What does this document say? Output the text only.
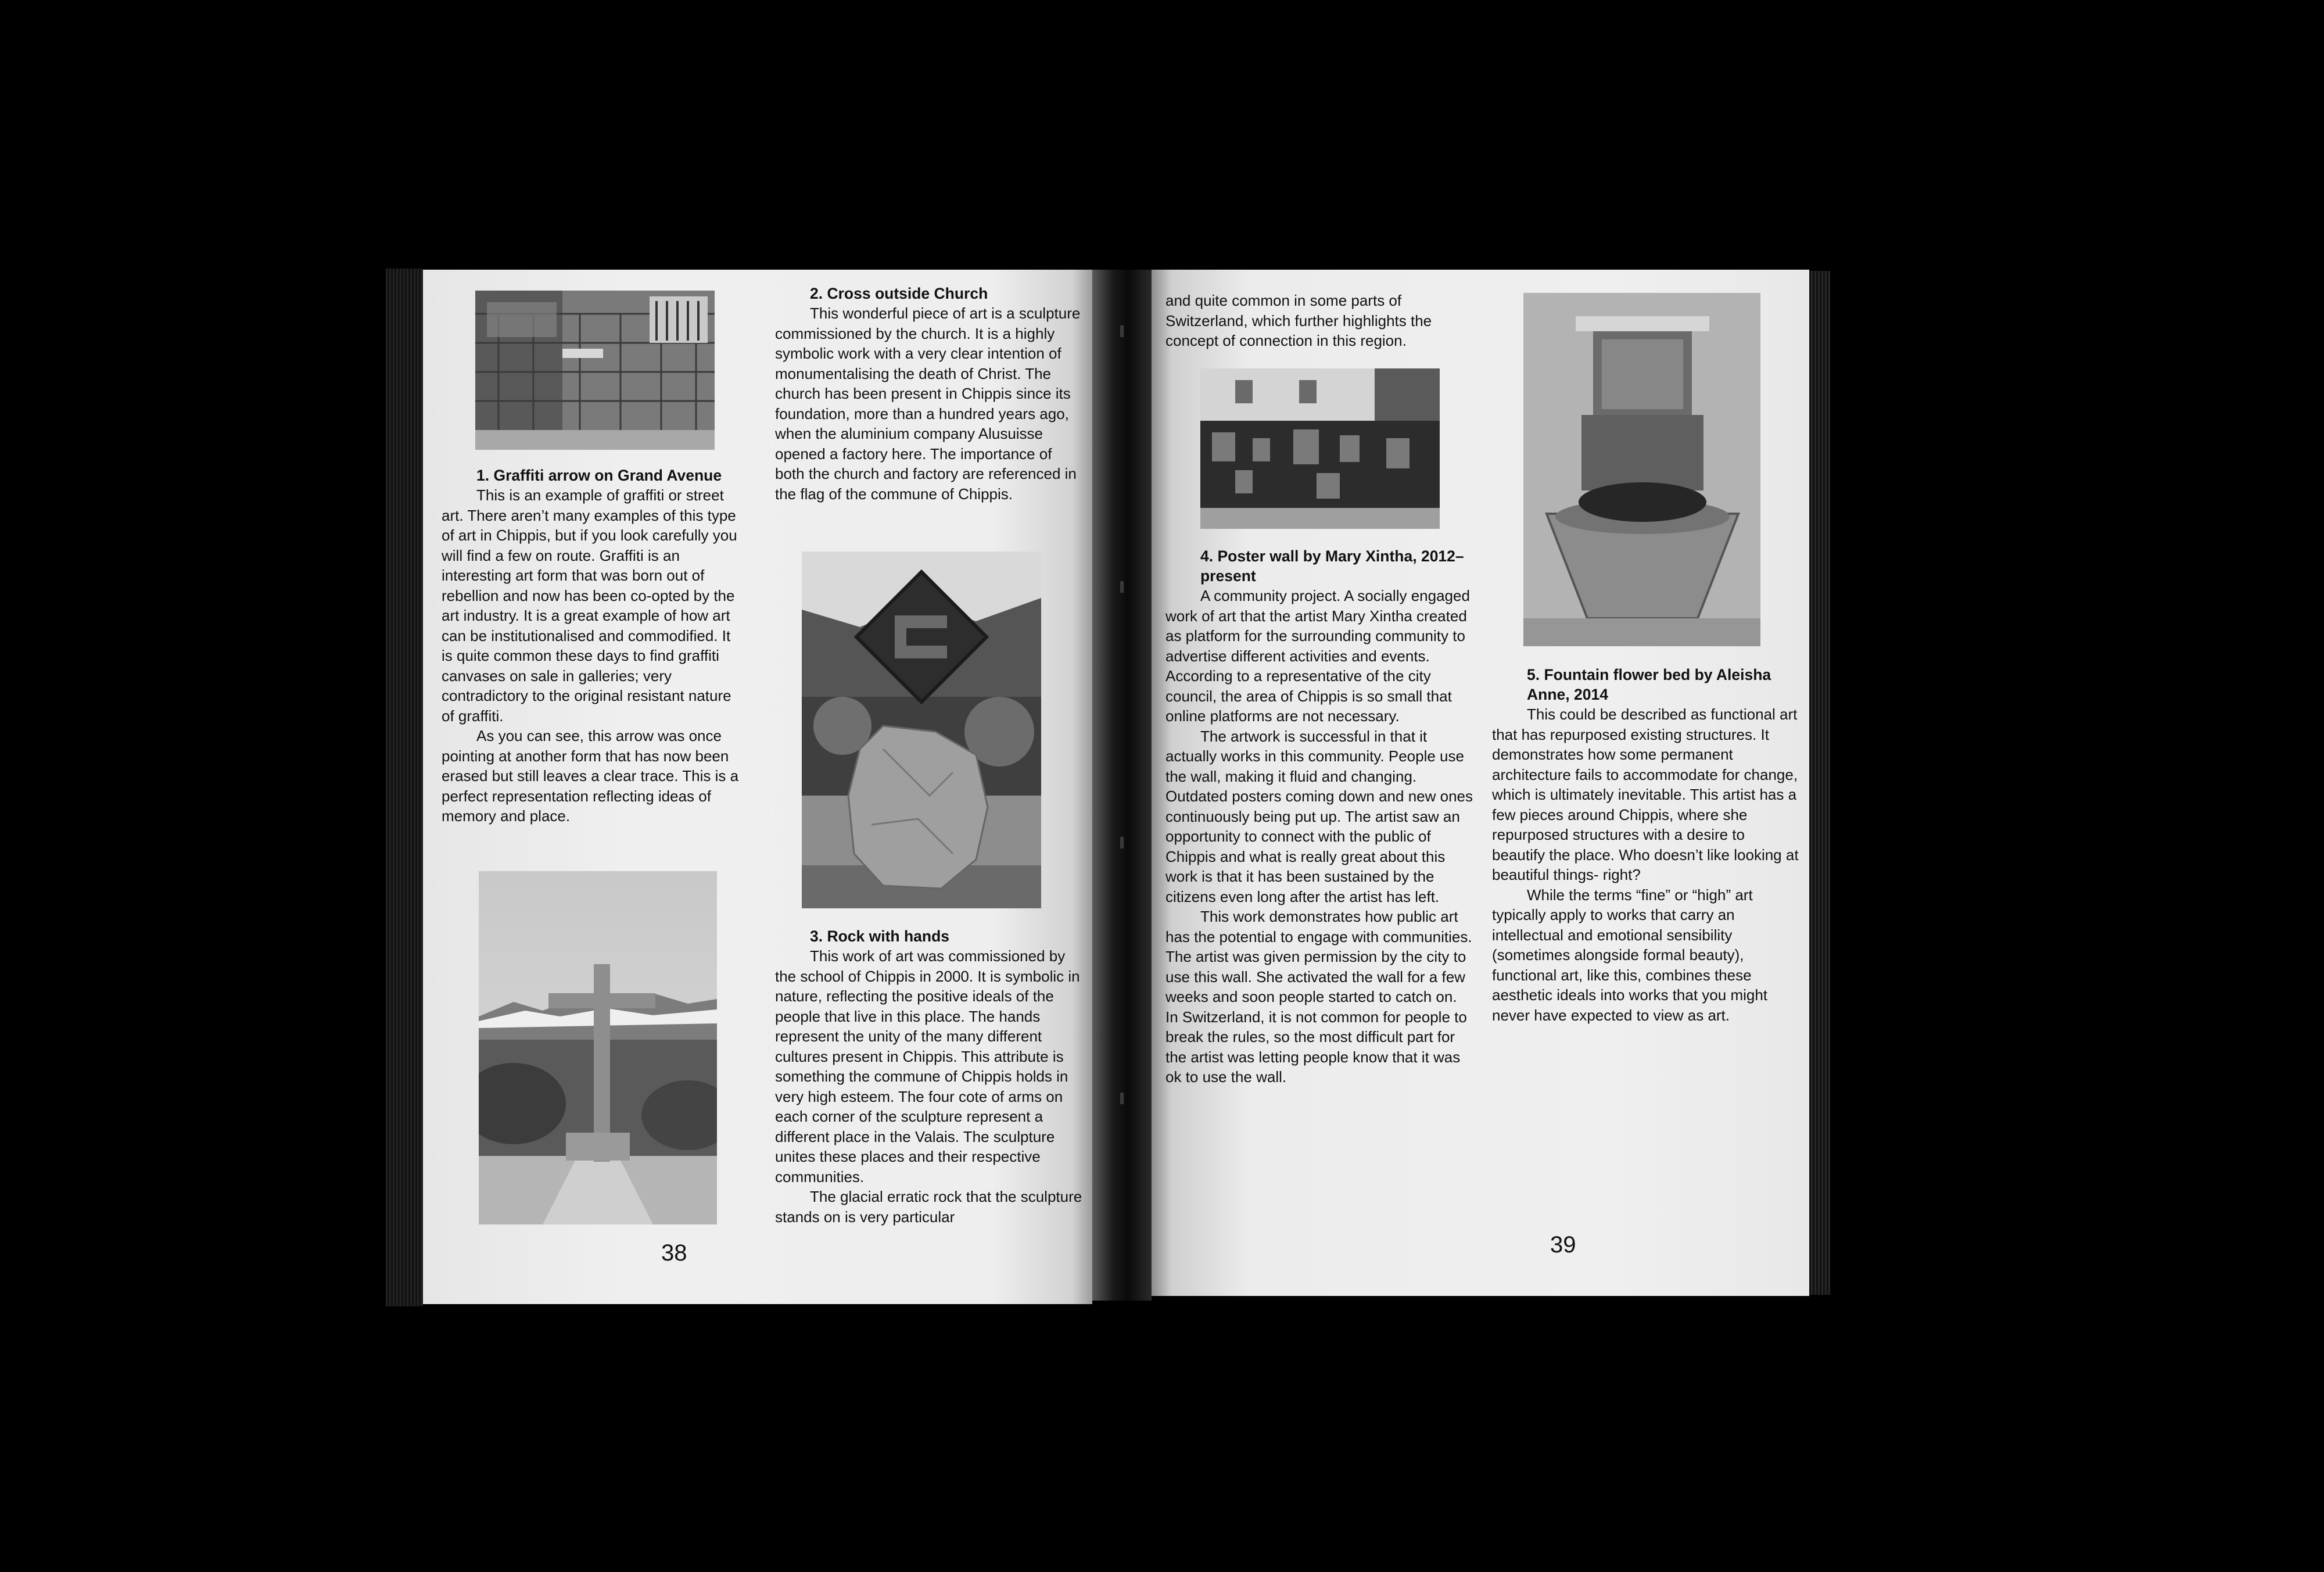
1. Graffiti arrow on Grand Avenue

This is an example of graffiti or street art. There aren’t many examples of this type of art in Chippis, but if you look carefully you will find a few on route. Graffiti is an interesting art form that was born out of rebellion and now has been co-opted by the art industry. It is a great example of how art can be institutionalised and commodified. It is quite common these days to find graffiti canvases on sale in galleries; very contradictory to the original resistant nature of graffiti.

As you can see, this arrow was once pointing at another form that has now been erased but still leaves a clear trace. This is a perfect representation reflecting ideas of memory and place.

2. Cross outside Church

This wonderful piece of art is a sculpture commissioned by the church. It is a highly symbolic work with a very clear intention of monumentalising the death of Christ. The church has been present in Chippis since its foundation, more than a hundred years ago, when the aluminium company Alusuisse opened a factory here. The importance of both the church and factory are referenced in the flag of the commune of Chippis.

3. Rock with hands

This work of art was commissioned by the school of Chippis in 2000. It is symbolic in nature, reflecting the positive ideals of the people that live in this place. The hands represent the unity of the many different cultures present in Chippis. This attribute is something the commune of Chippis holds in very high esteem. The four cote of arms on each corner of the sculpture represent a different place in the Valais. The sculpture unites these places and their respective communities.

The glacial erratic rock that the sculpture stands on is very particular

38

and quite common in some parts of Switzerland, which further highlights the concept of connection in this region.

4. Poster wall by Mary Xintha, 2012–present

A community project. A socially engaged work of art that the artist Mary Xintha created as platform for the surrounding community to advertise different activities and events. According to a representative of the city council, the area of Chippis is so small that online platforms are not necessary.

The artwork is successful in that it actually works in this community. People use the wall, making it fluid and changing. Outdated posters coming down and new ones continuously being put up. The artist saw an opportunity to connect with the public of Chippis and what is really great about this work is that it has been sustained by the citizens even long after the artist has left.

This work demonstrates how public art has the potential to engage with communities. The artist was given permission by the city to use this wall. She activated the wall for a few weeks and soon people started to catch on. In Switzerland, it is not common for people to break the rules, so the most difficult part for the artist was letting people know that it was ok to use the wall.

5. Fountain flower bed by Aleisha Anne, 2014

This could be described as functional art that has repurposed existing structures. It demonstrates how some permanent architecture fails to accommodate for change, which is ultimately inevitable. This artist has a few pieces around Chippis, where she repurposed structures with a desire to beautify the place. Who doesn’t like looking at beautiful things- right?

While the terms “fine” or “high” art typically apply to works that carry an intellectual and emotional sensibility (sometimes alongside formal beauty), functional art, like this, combines these aesthetic ideals into works that you might never have expected to view as art.

39
